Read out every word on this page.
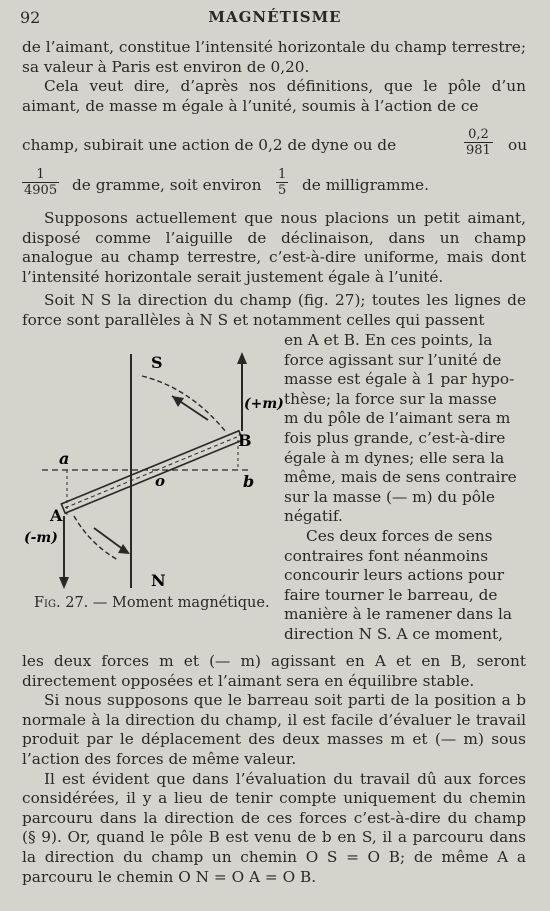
92	MAGNÉTISME

de l’aimant, constitue l’intensité horizontale du champ terrestre; sa valeur à Paris est environ de 0,20.

Cela veut dire, d’après nos définitions, que le pôle d’un aimant, de masse m égale à l’unité, soumis à l’action de ce

champ, subirait une action de 0,2 de dyne ou de	$\frac{0,2}{981}$ ou
$\frac{1}{4905}$ de gramme, soit environ $\frac{1}{5}$ de milligramme.

Supposons actuellement que nous placions un petit aimant, disposé comme l’aiguille de déclinaison, dans un champ analogue au champ terrestre, c’est-à-dire uniforme, mais dont l’intensité horizontale serait justement égale à l’unité.

Soit N S la direction du champ (fig. 27); toutes les lignes de force sont parallèles à N S et notamment celles qui passent

en A et B. En ces points, la
force agissant sur l’unité de
masse est égale à 1 par hypo-
thèse; la force sur la masse
m du pôle de l’aimant sera m
fois plus grande, c’est-à-dire
égale à m dynes; elle sera la
même, mais de sens contraire
sur la masse (— m) du pôle
négatif.
Ces deux forces de sens
contraires font néanmoins
concourir leurs actions pour
faire tourner le barreau, de
manière à le ramener dans la
direction N S. A ce moment,
S
N
a
b
o
A
B
(+m)
(-m)
Fig. 27. — Moment magnétique.

les deux forces m et (— m) agissant en A et en B, seront directement opposées et l’aimant sera en équilibre stable.

Si nous supposons que le barreau soit parti de la position a b normale à la direction du champ, il est facile d’évaluer le travail produit par le déplacement des deux masses m et (— m) sous l’action des forces de même valeur.

Il est évident que dans l’évaluation du travail dû aux forces considérées, il y a lieu de tenir compte uniquement du chemin parcouru dans la direction de ces forces c’est-à-dire du champ (§ 9). Or, quand le pôle B est venu de b en S, il a parcouru dans la direction du champ un chemin O S = O B; de même A a parcouru le chemin O N = O A = O B.
